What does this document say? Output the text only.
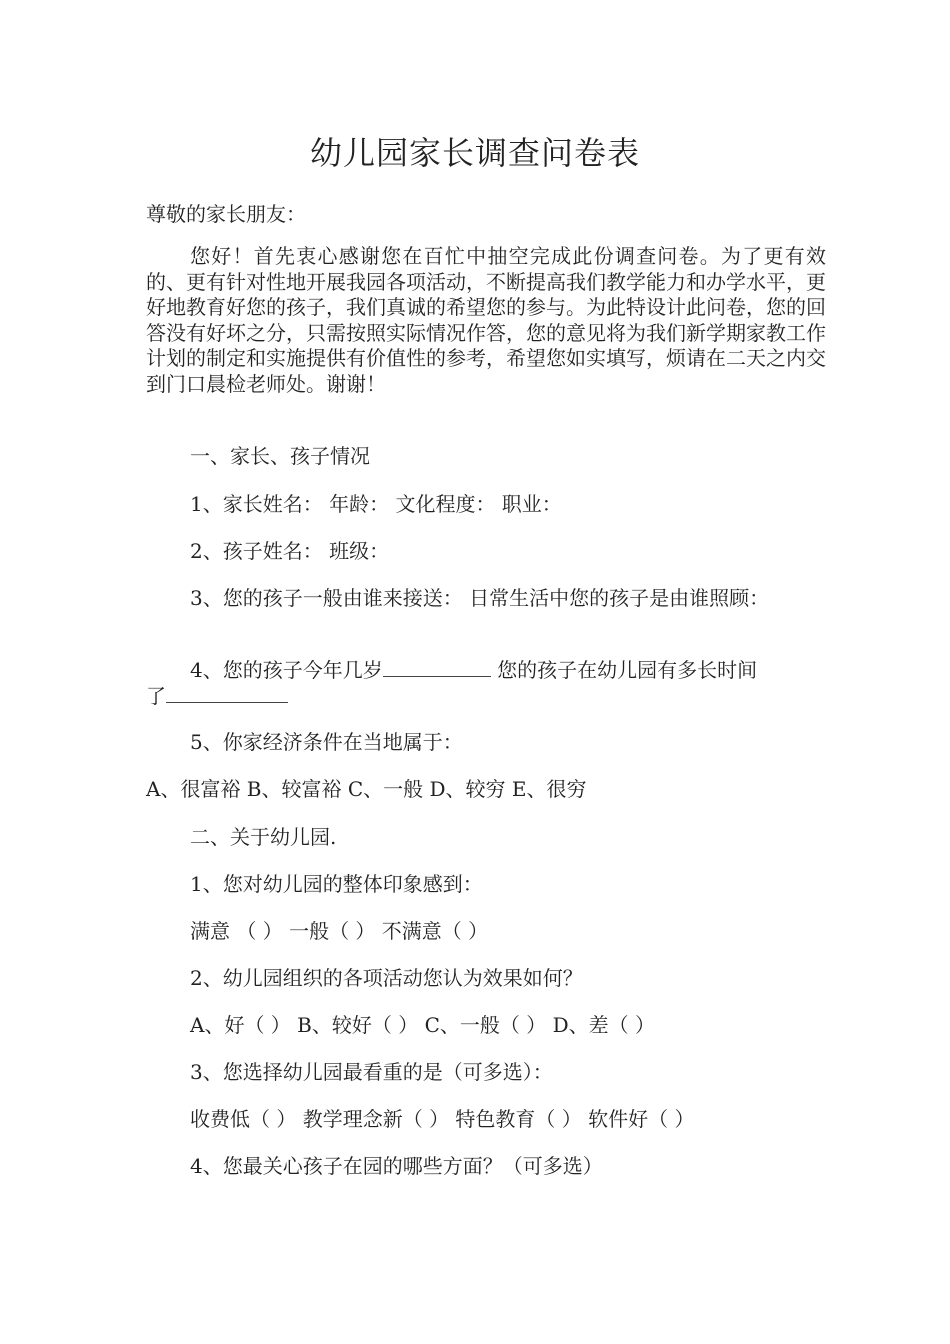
幼儿园家长调查问卷表
尊敬的家长朋友：
您好！首先衷心感谢您在百忙中抽空完成此份调查问卷。为了更有效的、更有针对性地开展我园各项活动，不断提高我们教学能力和办学水平，更好地教育好您的孩子，我们真诚的希望您的参与。为此特设计此问卷，您的回答没有好坏之分，只需按照实际情况作答，您的意见将为我们新学期家教工作计划的制定和实施提供有价值性的参考，希望您如实填写，烦请在二天之内交到门口晨检老师处。谢谢！
一、家长、孩子情况
1、家长姓名： 年龄： 文化程度： 职业：
2、孩子姓名： 班级：
3、您的孩子一般由谁来接送： 日常生活中您的孩子是由谁照顾：
4、您的孩子今年几岁	您的孩子在幼儿园有多长时间
了
5、你家经济条件在当地属于：
A、很富裕 B、较富裕 C、一般 D、较穷 E、很穷
二、关于幼儿园.
1、您对幼儿园的整体印象感到：
满意 （ ） 一般（ ） 不满意（ ）
2、幼儿园组织的各项活动您认为效果如何？
A、好（ ） B、较好（ ） C、一般（ ） D、差（ ）
3、您选择幼儿园最看重的是（可多选）：
收费低（ ） 教学理念新（ ） 特色教育（ ） 软件好（ ）
4、您最关心孩子在园的哪些方面？（可多选）
